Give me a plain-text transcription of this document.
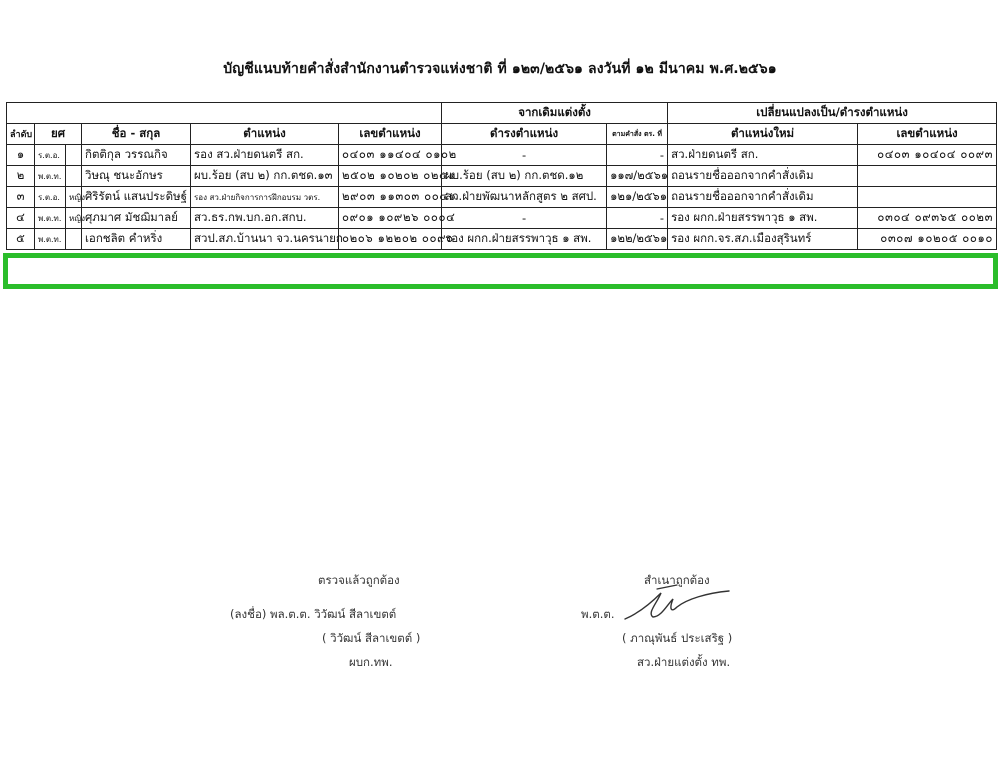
บัญชีแนบท้ายคำสั่งสำนักงานตำรวจแห่งชาติ ที่ ๑๒๓/๒๕๖๑ ลงวันที่ ๑๒ มีนาคม พ.ศ.๒๕๖๑
						จากเดิมแต่งตั้ง		เปลี่ยนแปลงเป็น/ดำรงตำแหน่ง	
ลำดับ	ยศ		ชื่อ - สกุล	ตำแหน่ง	เลขตำแหน่ง	ดำรงตำแหน่ง	ตามคำสั่ง ตร. ที่	ตำแหน่งใหม่	เลขตำแหน่ง
๑	ร.ต.อ.		กิตติกุล วรรณกิจ	รอง สว.ฝ่ายดนตรี สก.	๐๔๐๓ ๑๑๔๐๔ ๐๑๐๒	-	-	สว.ฝ่ายดนตรี สก.	๐๔๐๓ ๑๐๔๐๔ ๐๐๙๓
๒	พ.ต.ท.		วิษณุ ชนะอักษร	ผบ.ร้อย (สบ ๒) กก.ตชด.๑๓	๒๕๐๒ ๑๐๒๐๒ ๐๒๕๑	ผบ.ร้อย (สบ ๒) กก.ตชด.๑๒	๑๑๗/๒๕๖๑	ถอนรายชื่อออกจากคำสั่งเดิม	
๓	ร.ต.อ.	หญิง	ศิริรัตน์ แสนประดิษฐ์	รอง สว.ฝ่ายกิจการการฝึกอบรม วตร.	๒๙๐๓ ๑๑๓๐๓ ๐๐๔๑	สว.ฝ่ายพัฒนาหลักสูตร ๒ สศป.	๑๒๑/๒๕๖๑	ถอนรายชื่อออกจากคำสั่งเดิม	
๔	พ.ต.ท.	หญิง	ศุภมาศ มัชฌิมาลย์	สว.ธร.กพ.บก.อก.สกบ.	๐๙๐๑ ๑๐๙๒๖ ๐๐๐๔	-	-	รอง ผกก.ฝ่ายสรรพาวุธ ๑ สพ.	๐๓๐๔ ๐๙๓๖๕ ๐๐๒๓
๕	พ.ต.ท.		เอกชลิต คำหริ่ง	สวป.สภ.บ้านนา จว.นครนายก	๐๒๐๖ ๑๒๒๐๒ ๐๐๙๐	รอง ผกก.ฝ่ายสรรพาวุธ ๑ สพ.	๑๒๒/๒๕๖๑	รอง ผกก.จร.สภ.เมืองสุรินทร์	๐๓๐๗ ๑๐๒๐๕ ๐๐๑๐
ตรวจแล้วถูกต้อง
(ลงชื่อ) พล.ต.ต. วิวัฒน์ สีลาเขตต์
( วิวัฒน์ สีลาเขตต์ )
ผบก.ทพ.
สำเนาถูกต้อง
พ.ต.ต.
( ภาณุพันธ์ ประเสริฐ )
สว.ฝ่ายแต่งตั้ง ทพ.
